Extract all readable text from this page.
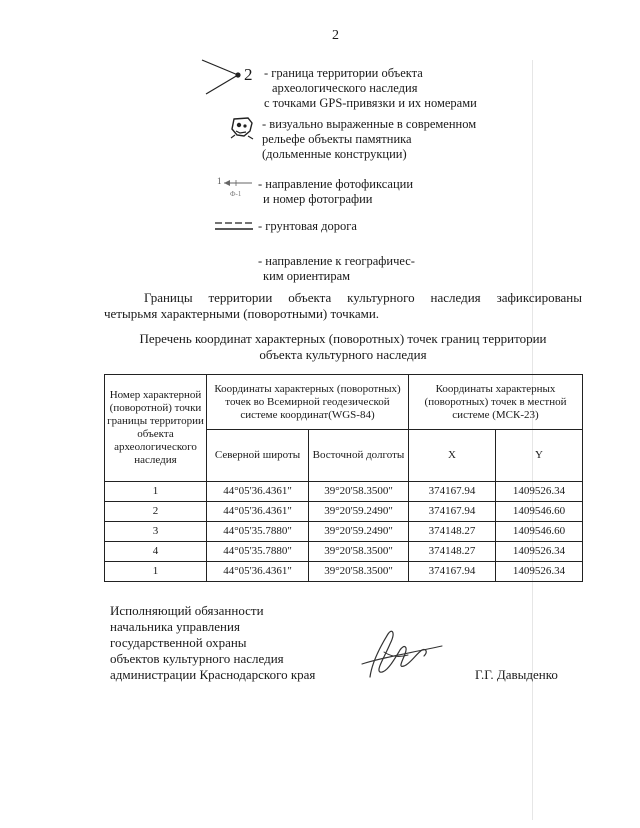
2
2 - граница территории объекта
археологического наследия
с точками GPS-привязки и их номерами
- визуально выраженные в современном
рельефе объекты памятника
(дольменные конструкции)
1
Ф-1
- направление фотофиксации
и номер фотографии
- грунтовая дорога
- направление к географичес-
ким ориентирам
Границы территории объекта культурного наследия зафиксированы
четырьмя характерными (поворотными) точками.
Перечень координат характерных (поворотных) точек границ территории
объекта культурного наследия
Номер характерной (поворотной) точки границы территории объекта археологического наследия	Координаты характерных (поворотных) точек во Всемирной геодезической системе координат(WGS-84)		Координаты характерных (поворотных) точек в местной системе (МСК-23)	
	Северной широты	Восточной долготы	X	Y
1	44°05'36.4361"	39°20'58.3500"	374167.94	1409526.34
2	44°05'36.4361"	39°20'59.2490"	374167.94	1409546.60
3	44°05'35.7880"	39°20'59.2490"	374148.27	1409546.60
4	44°05'35.7880"	39°20'58.3500"	374148.27	1409526.34
1	44°05'36.4361"	39°20'58.3500"	374167.94	1409526.34
Исполняющий обязанности
начальника управления
государственной охраны
объектов культурного наследия
администрации Краснодарского края	Г.Г. Давыденко
